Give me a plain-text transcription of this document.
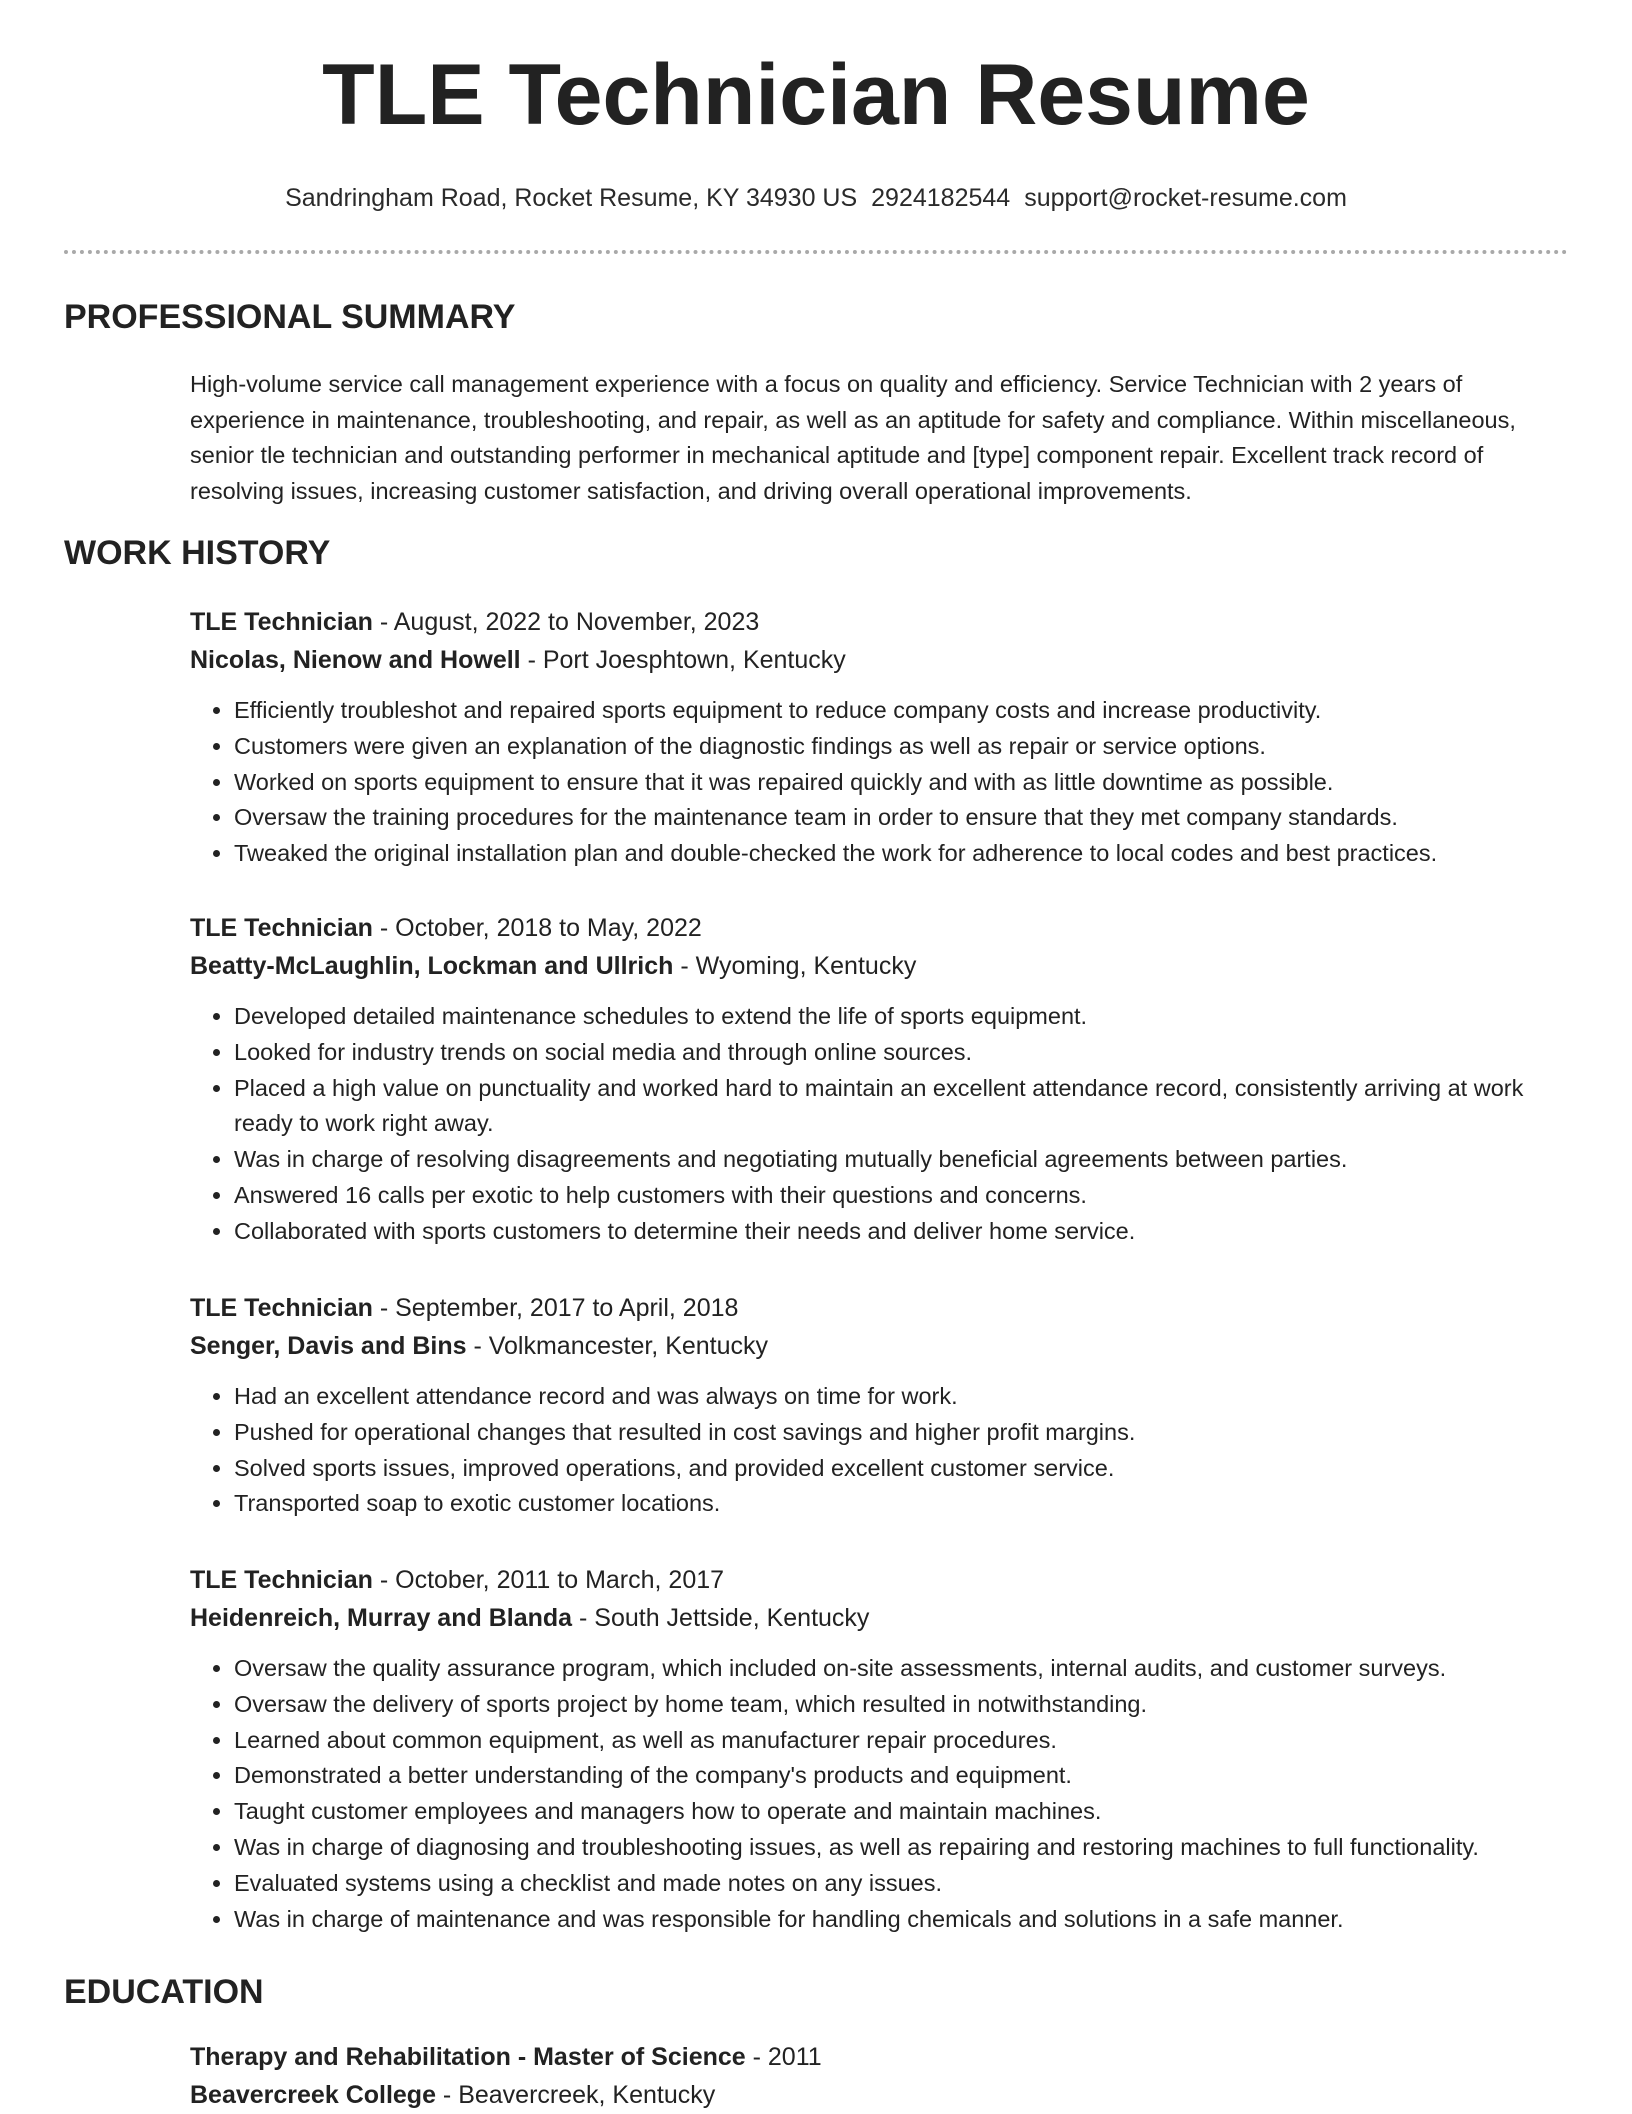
TLE Technician Resume
Sandringham Road, Rocket Resume, KY 34930 US 2924182544 support@rocket-resume.com
PROFESSIONAL SUMMARY
High-volume service call management experience with a focus on quality and efficiency. Service Technician with 2 years of experience in maintenance, troubleshooting, and repair, as well as an aptitude for safety and compliance. Within miscellaneous, senior tle technician and outstanding performer in mechanical aptitude and [type] component repair. Excellent track record of resolving issues, increasing customer satisfaction, and driving overall operational improvements.
WORK HISTORY
TLE Technician - August, 2022 to November, 2023
Nicolas, Nienow and Howell - Port Joesphtown, Kentucky
• Efficiently troubleshot and repaired sports equipment to reduce company costs and increase productivity.
• Customers were given an explanation of the diagnostic findings as well as repair or service options.
• Worked on sports equipment to ensure that it was repaired quickly and with as little downtime as possible.
• Oversaw the training procedures for the maintenance team in order to ensure that they met company standards.
• Tweaked the original installation plan and double-checked the work for adherence to local codes and best practices.
TLE Technician - October, 2018 to May, 2022
Beatty-McLaughlin, Lockman and Ullrich - Wyoming, Kentucky
• Developed detailed maintenance schedules to extend the life of sports equipment.
• Looked for industry trends on social media and through online sources.
• Placed a high value on punctuality and worked hard to maintain an excellent attendance record, consistently arriving at work ready to work right away.
• Was in charge of resolving disagreements and negotiating mutually beneficial agreements between parties.
• Answered 16 calls per exotic to help customers with their questions and concerns.
• Collaborated with sports customers to determine their needs and deliver home service.
TLE Technician - September, 2017 to April, 2018
Senger, Davis and Bins - Volkmancester, Kentucky
• Had an excellent attendance record and was always on time for work.
• Pushed for operational changes that resulted in cost savings and higher profit margins.
• Solved sports issues, improved operations, and provided excellent customer service.
• Transported soap to exotic customer locations.
TLE Technician - October, 2011 to March, 2017
Heidenreich, Murray and Blanda - South Jettside, Kentucky
• Oversaw the quality assurance program, which included on-site assessments, internal audits, and customer surveys.
• Oversaw the delivery of sports project by home team, which resulted in notwithstanding.
• Learned about common equipment, as well as manufacturer repair procedures.
• Demonstrated a better understanding of the company's products and equipment.
• Taught customer employees and managers how to operate and maintain machines.
• Was in charge of diagnosing and troubleshooting issues, as well as repairing and restoring machines to full functionality.
• Evaluated systems using a checklist and made notes on any issues.
• Was in charge of maintenance and was responsible for handling chemicals and solutions in a safe manner.
EDUCATION
Therapy and Rehabilitation - Master of Science - 2011
Beavercreek College - Beavercreek, Kentucky
